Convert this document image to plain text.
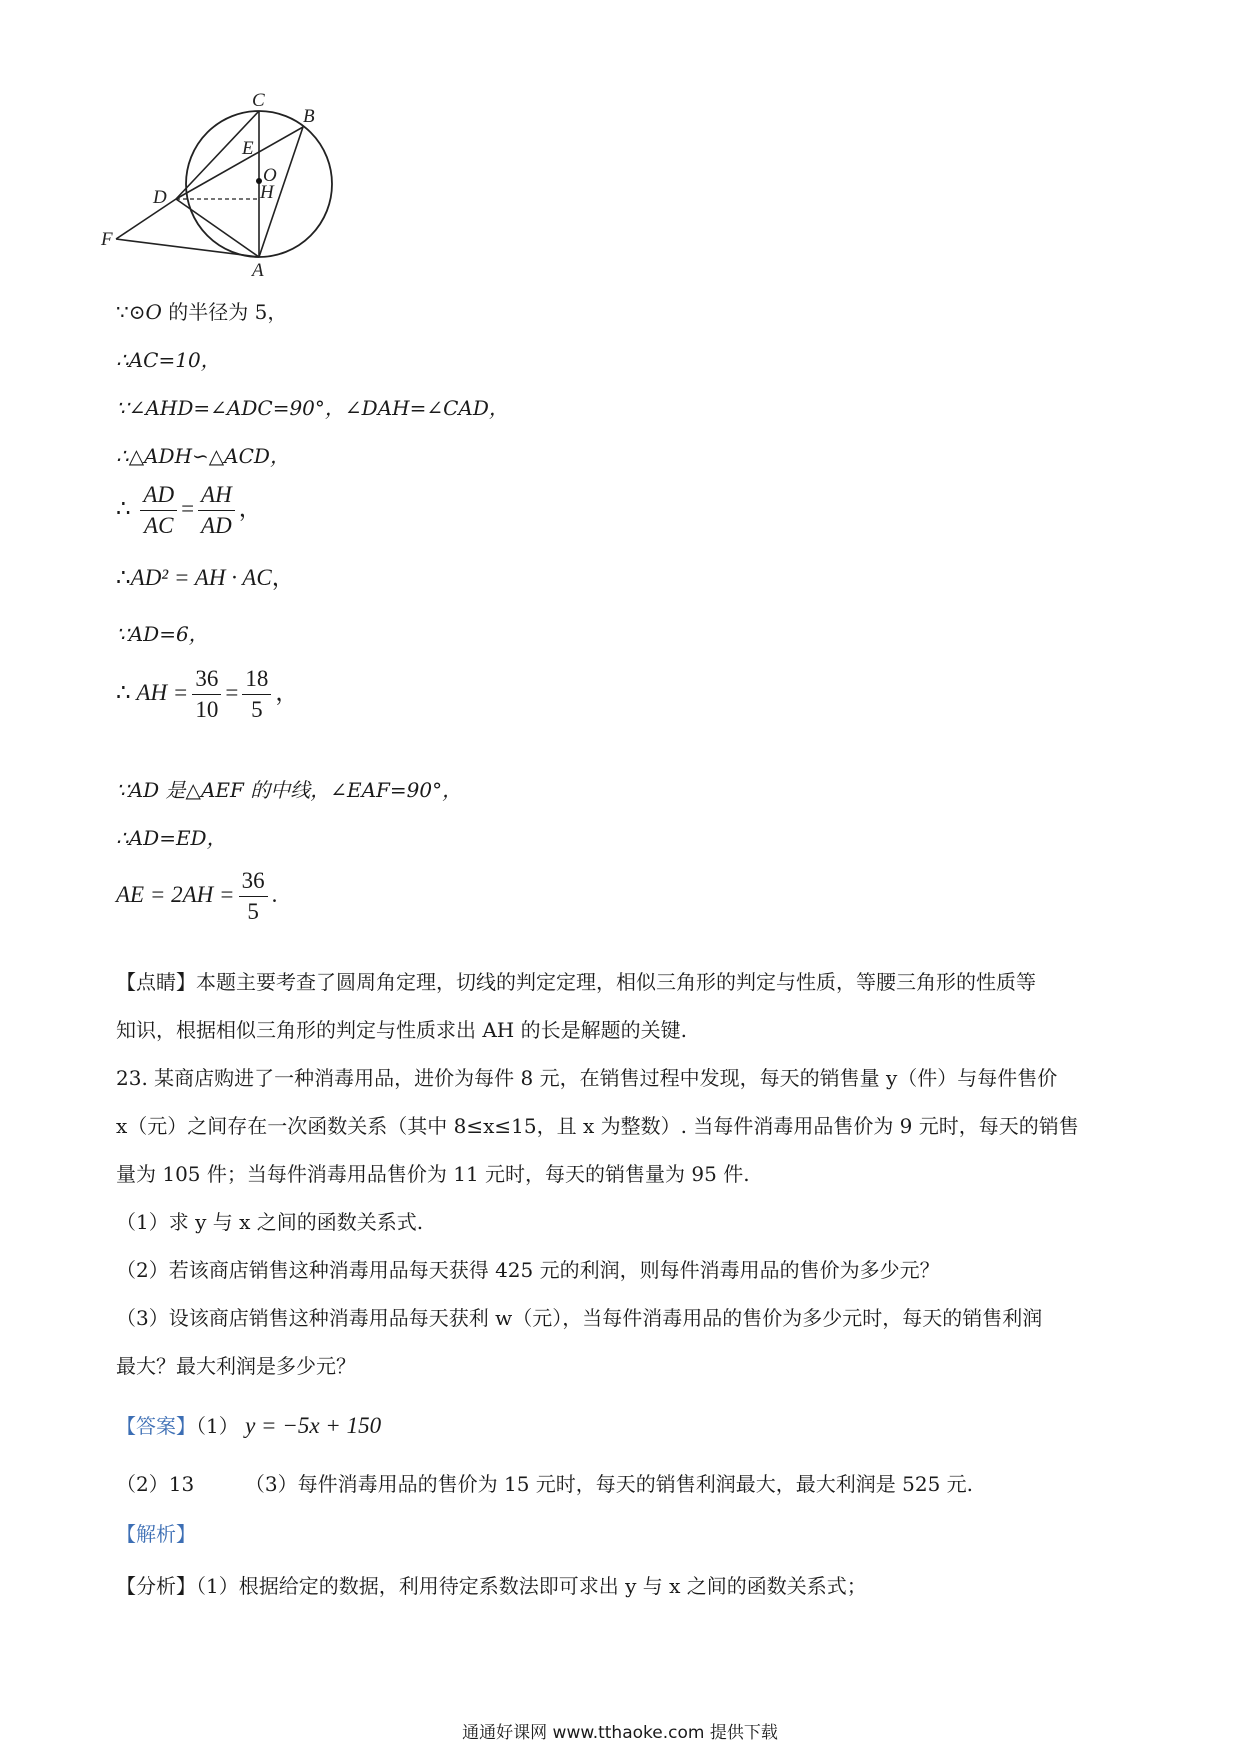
C
B
E
O
H
D
F
A
∵⊙O 的半径为 5，
∴AC=10，
∵∠AHD=∠ADC=90°，∠DAH=∠CAD，
∴△ADH∽△ACD，
∴ $\frac{AD}{AC} = \frac{AH}{AD}$ ，
∴AD² = AH · AC，
∵AD=6，
∴ AH = $\frac{36}{10} = \frac{18}{5}$ ，
∵AD 是△AEF 的中线，∠EAF=90°，
∴AD=ED，
AE = $2AH = \frac{36}{5}$ .
【点睛】本题主要考查了圆周角定理，切线的判定定理，相似三角形的判定与性质，等腰三角形的性质等
知识，根据相似三角形的判定与性质求出 AH 的长是解题的关键.
23. 某商店购进了一种消毒用品，进价为每件 8 元，在销售过程中发现，每天的销售量 y（件）与每件售价
x（元）之间存在一次函数关系（其中 8≤x≤15，且 x 为整数）. 当每件消毒用品售价为 9 元时，每天的销售
量为 105 件；当每件消毒用品售价为 11 元时，每天的销售量为 95 件.
（1）求 y 与 x 之间的函数关系式.
（2）若该商店销售这种消毒用品每天获得 425 元的利润，则每件消毒用品的售价为多少元？
（3）设该商店销售这种消毒用品每天获利 w（元），当每件消毒用品的售价为多少元时，每天的销售利润
最大？最大利润是多少元？
【答案】（1） y = −5x + 150
（2）13	（3）每件消毒用品的售价为 15 元时，每天的销售利润最大，最大利润是 525 元.
【解析】
【分析】（1）根据给定的数据，利用待定系数法即可求出 y 与 x 之间的函数关系式；
通通好课网 www.tthaoke.com 提供下载
